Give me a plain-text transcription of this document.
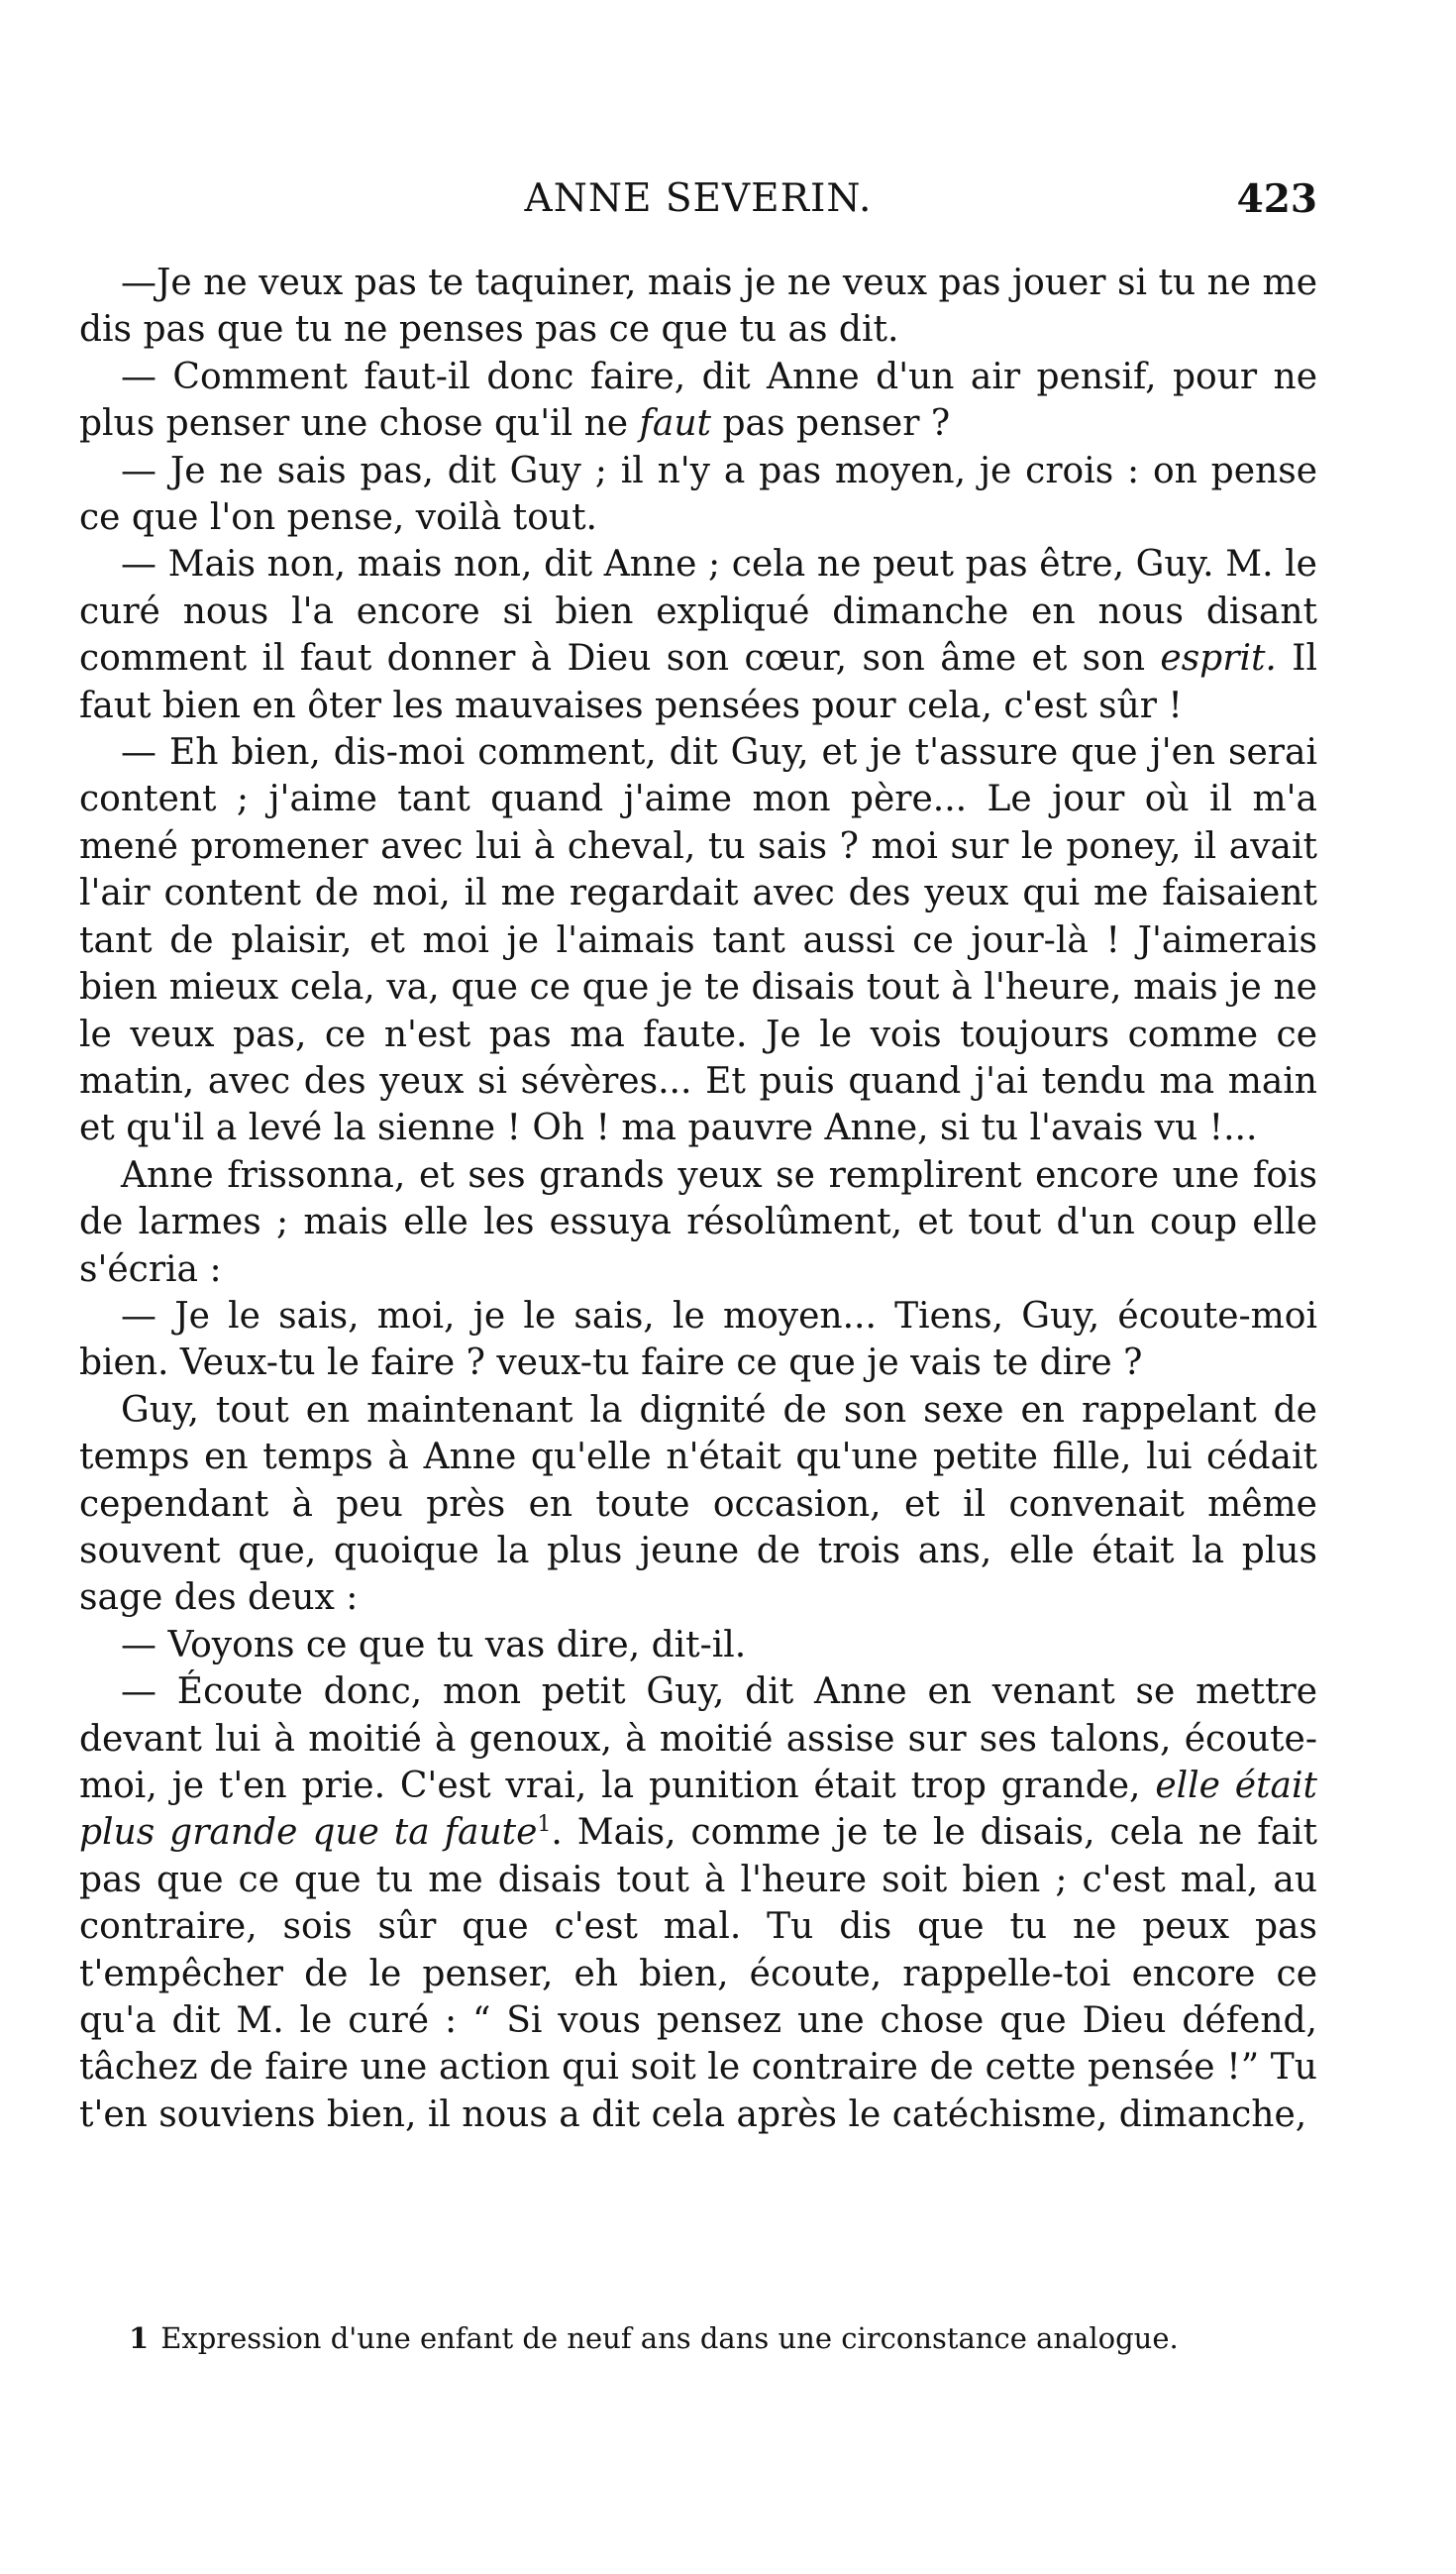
ANNE SEVERIN.	423

—Je ne veux pas te taquiner, mais je ne veux pas jouer si tu ne me dis pas que tu ne penses pas ce que tu as dit.

— Comment faut-il donc faire, dit Anne d'un air pensif, pour ne plus penser une chose qu'il ne faut pas penser ?

— Je ne sais pas, dit Guy ; il n'y a pas moyen, je crois : on pense ce que l'on pense, voilà tout.

— Mais non, mais non, dit Anne ; cela ne peut pas être, Guy. M. le curé nous l'a encore si bien expliqué dimanche en nous disant comment il faut donner à Dieu son cœur, son âme et son esprit. Il faut bien en ôter les mauvaises pensées pour cela, c'est sûr !

— Eh bien, dis-moi comment, dit Guy, et je t'assure que j'en serai content ; j'aime tant quand j'aime mon père... Le jour où il m'a mené promener avec lui à cheval, tu sais ? moi sur le poney, il avait l'air content de moi, il me regardait avec des yeux qui me faisaient tant de plaisir, et moi je l'aimais tant aussi ce jour-là ! J'aimerais bien mieux cela, va, que ce que je te disais tout à l'heure, mais je ne le veux pas, ce n'est pas ma faute. Je le vois toujours comme ce matin, avec des yeux si sévères... Et puis quand j'ai tendu ma main et qu'il a levé la sienne ! Oh ! ma pauvre Anne, si tu l'avais vu !...

Anne frissonna, et ses grands yeux se remplirent encore une fois de larmes ; mais elle les essuya résolûment, et tout d'un coup elle s'écria :

— Je le sais, moi, je le sais, le moyen... Tiens, Guy, écoute-moi bien. Veux-tu le faire ? veux-tu faire ce que je vais te dire ?

Guy, tout en maintenant la dignité de son sexe en rappelant de temps en temps à Anne qu'elle n'était qu'une petite fille, lui cédait cependant à peu près en toute occasion, et il convenait même souvent que, quoique la plus jeune de trois ans, elle était la plus sage des deux :

— Voyons ce que tu vas dire, dit-il.

— Écoute donc, mon petit Guy, dit Anne en venant se mettre devant lui à moitié à genoux, à moitié assise sur ses talons, écoute-moi, je t'en prie. C'est vrai, la punition était trop grande, elle était plus grande que ta faute$^1$. Mais, comme je te le disais, cela ne fait pas que ce que tu me disais tout à l'heure soit bien ; c'est mal, au contraire, sois sûr que c'est mal. Tu dis que tu ne peux pas t'empêcher de le penser, eh bien, écoute, rappelle-toi encore ce qu'a dit M. le curé : “ Si vous pensez une chose que Dieu défend, tâchez de faire une action qui soit le contraire de cette pensée !” Tu t'en souviens bien, il nous a dit cela après le catéchisme, dimanche,

1 Expression d'une enfant de neuf ans dans une circonstance analogue.
